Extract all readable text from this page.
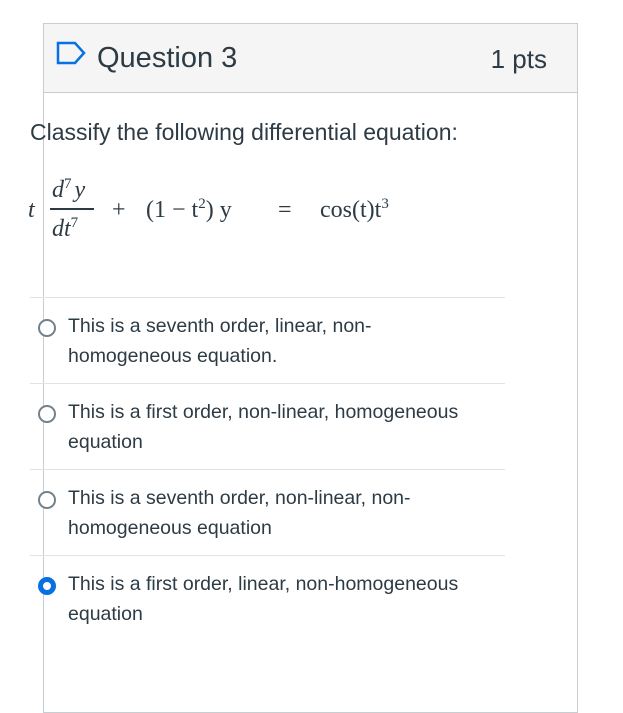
Question 3	1 pts
Classify the following differential equation:
t
$d^7$ y
$dt^7 + (1 - t^2) y = \cos(t)t^3$
This is a seventh order, linear, non-homogeneous equation.
This is a first order, non-linear, homogeneous equation
This is a seventh order, non-linear, non-homogeneous equation
This is a first order, linear, non-homogeneous equation
